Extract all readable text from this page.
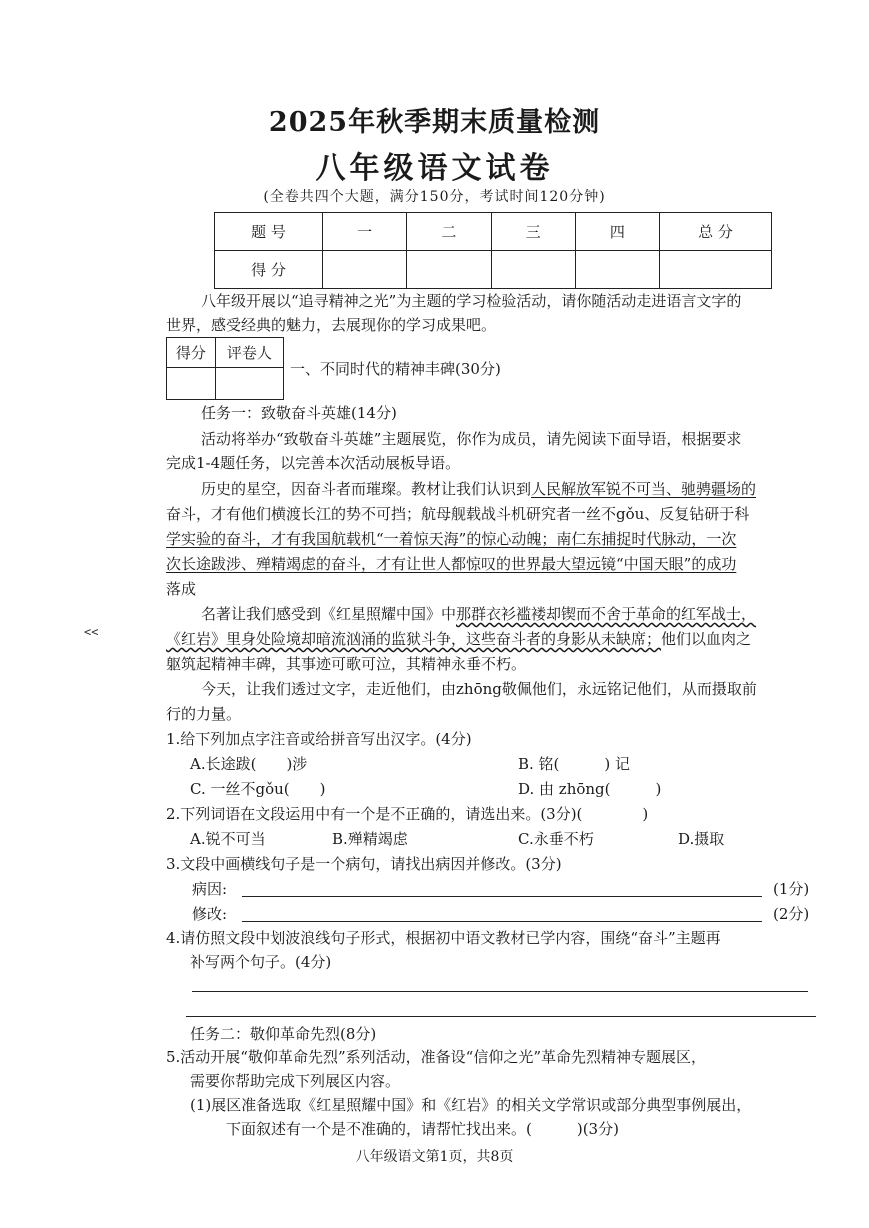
2025年秋季期末质量检测
八年级语文试卷
(全卷共四个大题，满分150分，考试时间120分钟)
题 号	一	二	三	四	总 分
得 分					
八年级开展以“追寻精神之光”为主题的学习检验活动，请你随活动走进语言文字的
世界，感受经典的魅力，去展现你的学习成果吧。
得分	评卷人

一、不同时代的精神丰碑(30分)
任务一：致敬奋斗英雄(14分)
活动将举办“致敬奋斗英雄”主题展览，你作为成员，请先阅读下面导语，根据要求
完成1-4题任务，以完善本次活动展板导语。
历史的星空，因奋斗者而璀璨。教材让我们认识到人民解放军锐不可当、驰骋疆场的
奋斗，才有他们横渡长江的势不可挡；航母舰载战斗机研究者一丝不gǒu、反复钻研于科
学实验的奋斗，才有我国航载机“一着惊天海”的惊心动魄；南仁东捕捉时代脉动，一次
次长途跋涉、殚精竭虑的奋斗，才有让世人都惊叹的世界最大望远镜“中国天眼”的成功
落成
<<
名著让我们感受到《红星照耀中国》中那群衣衫褴褛却锲而不舍于革命的红军战士，
《红岩》里身处险境却暗流汹涌的监狱斗争，这些奋斗者的身影从未缺席；他们以血肉之
躯筑起精神丰碑，其事迹可歌可泣，其精神永垂不朽。
今天，让我们透过文字，走近他们，由zhōng敬佩他们，永远铭记他们，从而摄取前
行的力量。
1.给下列加点字注音或给拼音写出汉字。(4分)
A.长途跋(　　)涉	B. 铭(　　　) 记
C. 一丝不gǒu(　　)	D. 由 zhōng(　　　)
2.下列词语在文段运用中有一个是不正确的，请选出来。(3分)(　　　　)
A.锐不可当	B.殚精竭虑	C.永垂不朽	D.摄取
3.文段中画横线句子是一个病句，请找出病因并修改。(3分)
病因:	(1分)
修改:	(2分)
4.请仿照文段中划波浪线句子形式，根据初中语文教材已学内容，围绕“奋斗”主题再
补写两个句子。(4分)
任务二：敬仰革命先烈(8分)
5.活动开展“敬仰革命先烈”系列活动，准备设“信仰之光”革命先烈精神专题展区，
需要你帮助完成下列展区内容。
(1)展区准备选取《红星照耀中国》和《红岩》的相关文学常识或部分典型事例展出，
下面叙述有一个是不准确的，请帮忙找出来。(　　　)(3分)
八年级语文第1页，共8页
